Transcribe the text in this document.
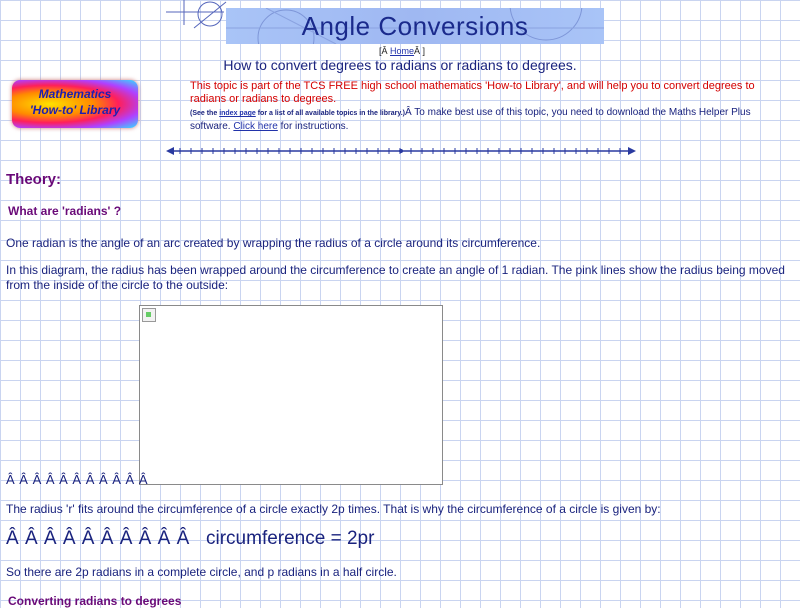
Angle Conversions
[Â HomeÂ ]
How to convert degrees to radians or radians to degrees.
Mathematics
'How-to' Library
This topic is part of the TCS FREE high school mathematics 'How-to Library', and will help you to convert degrees to radians or radians to degrees.
(See the index page for a list of all available topics in the library.)Â To make best use of this topic, you need to download the Maths Helper Plus software. Click here for instructions.
Theory:
What are 'radians' ?

One radian is the angle of an arc created by wrapping the radius of a circle around its circumference.

In this diagram, the radius has been wrapped around the circumference to create an angle of 1 radian. The pink lines show the radius being moved from the inside of the circle to the outside:

Â Â Â Â Â Â Â Â Â Â Â

The radius 'r' fits around the circumference of a circle exactly 2p times. That is why the circumference of a circle is given by:

Â Â Â Â Â Â Â Â Â Â circumference = 2pr

So there are 2p radians in a complete circle, and p radians in a half circle.

Converting radians to degrees
